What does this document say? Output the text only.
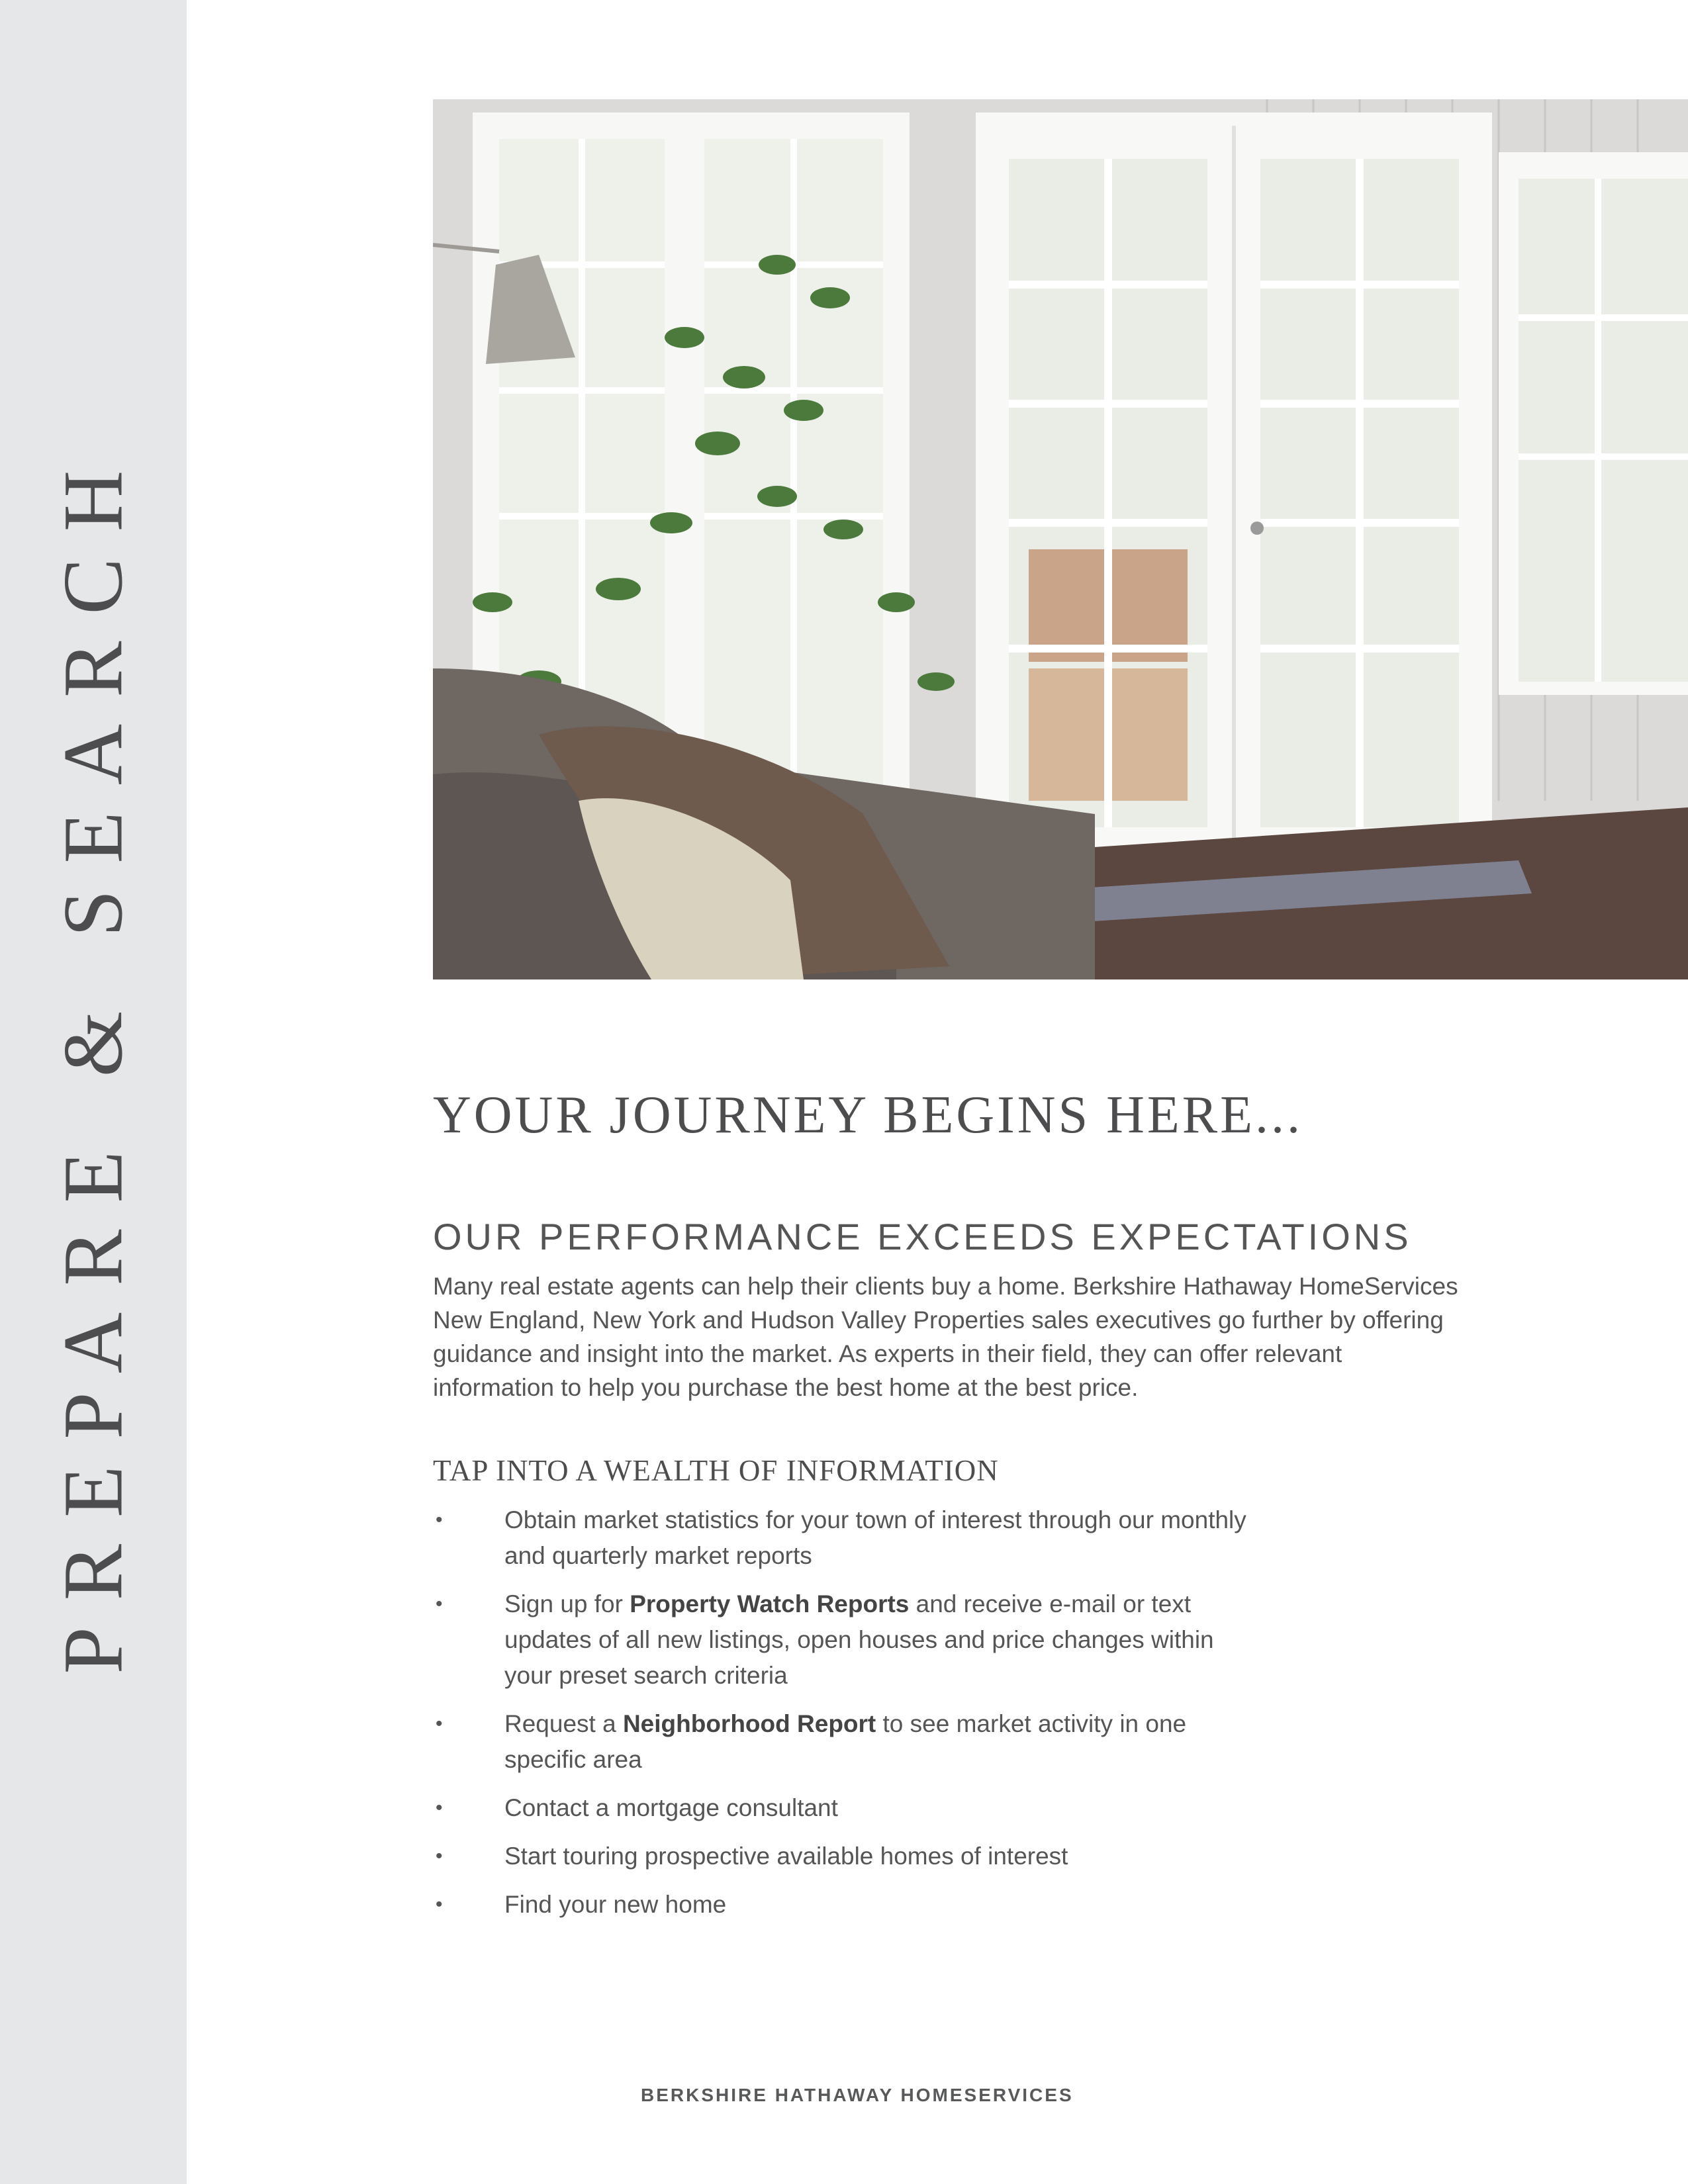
PREPARE & SEARCH	YOUR JOURNEY BEGINS HERE...
OUR PERFORMANCE EXCEEDS EXPECTATIONS

Many real estate agents can help their clients buy a home. Berkshire Hathaway HomeServices New England, New York and Hudson Valley Properties sales executives go further by offering guidance and insight into the market. As experts in their field, they can offer relevant information to help you purchase the best home at the best price.

TAP INTO A WEALTH OF INFORMATION
•	Obtain market statistics for your town of interest through our monthly and quarterly market reports
•	Sign up for Property Watch Reports and receive e-mail or text updates of all new listings, open houses and price changes within your preset search criteria
•	Request a Neighborhood Report to see market activity in one specific area
•	Contact a mortgage consultant
•	Start touring prospective available homes of interest
•	Find your new home

BERKSHIRE HATHAWAY HOMESERVICES
